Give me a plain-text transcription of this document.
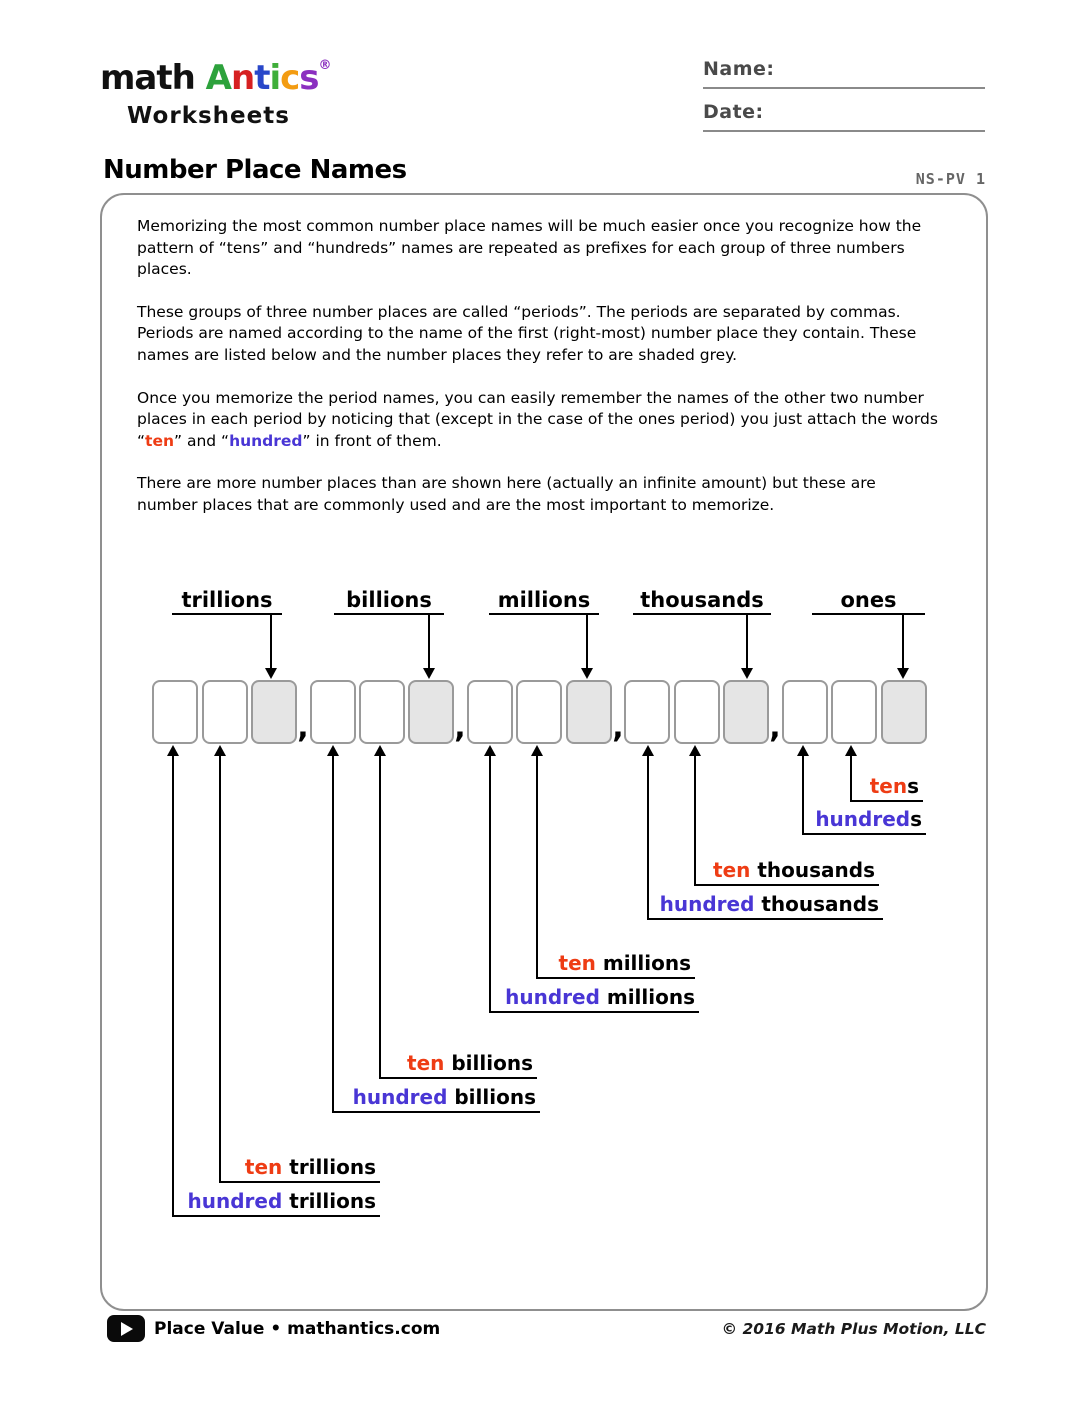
math Antics®
Worksheets
Name:
Date:
Number Place Names	NS-PV 1

Memorizing the most common number place names will be much easier once you recognize how the pattern of “tens” and “hundreds” names are repeated as prefixes for each group of three numbers places.

These groups of three number places are called “periods”. The periods are separated by commas. Periods are named according to the name of the first (right-most) number place they contain. These names are listed below and the number places they refer to are shaded grey.

Once you memorize the period names, you can easily remember the names of the other two number places in each period by noticing that (except in the case of the ones period) you just attach the words “ten” and “hundred” in front of them.

There are more number places than are shown here (actually an infinite amount) but these are number places that are commonly used and are the most important to memorize.

trillions	billions	millions thousands	ones
,	,	,	,
ten s
hundred s
ten thousands
hundred thousands
ten millions
hundred millions
ten billions
hundred billions
ten trillions
hundred trillions
Place Value • mathantics.com	© 2016 Math Plus Motion, LLC
